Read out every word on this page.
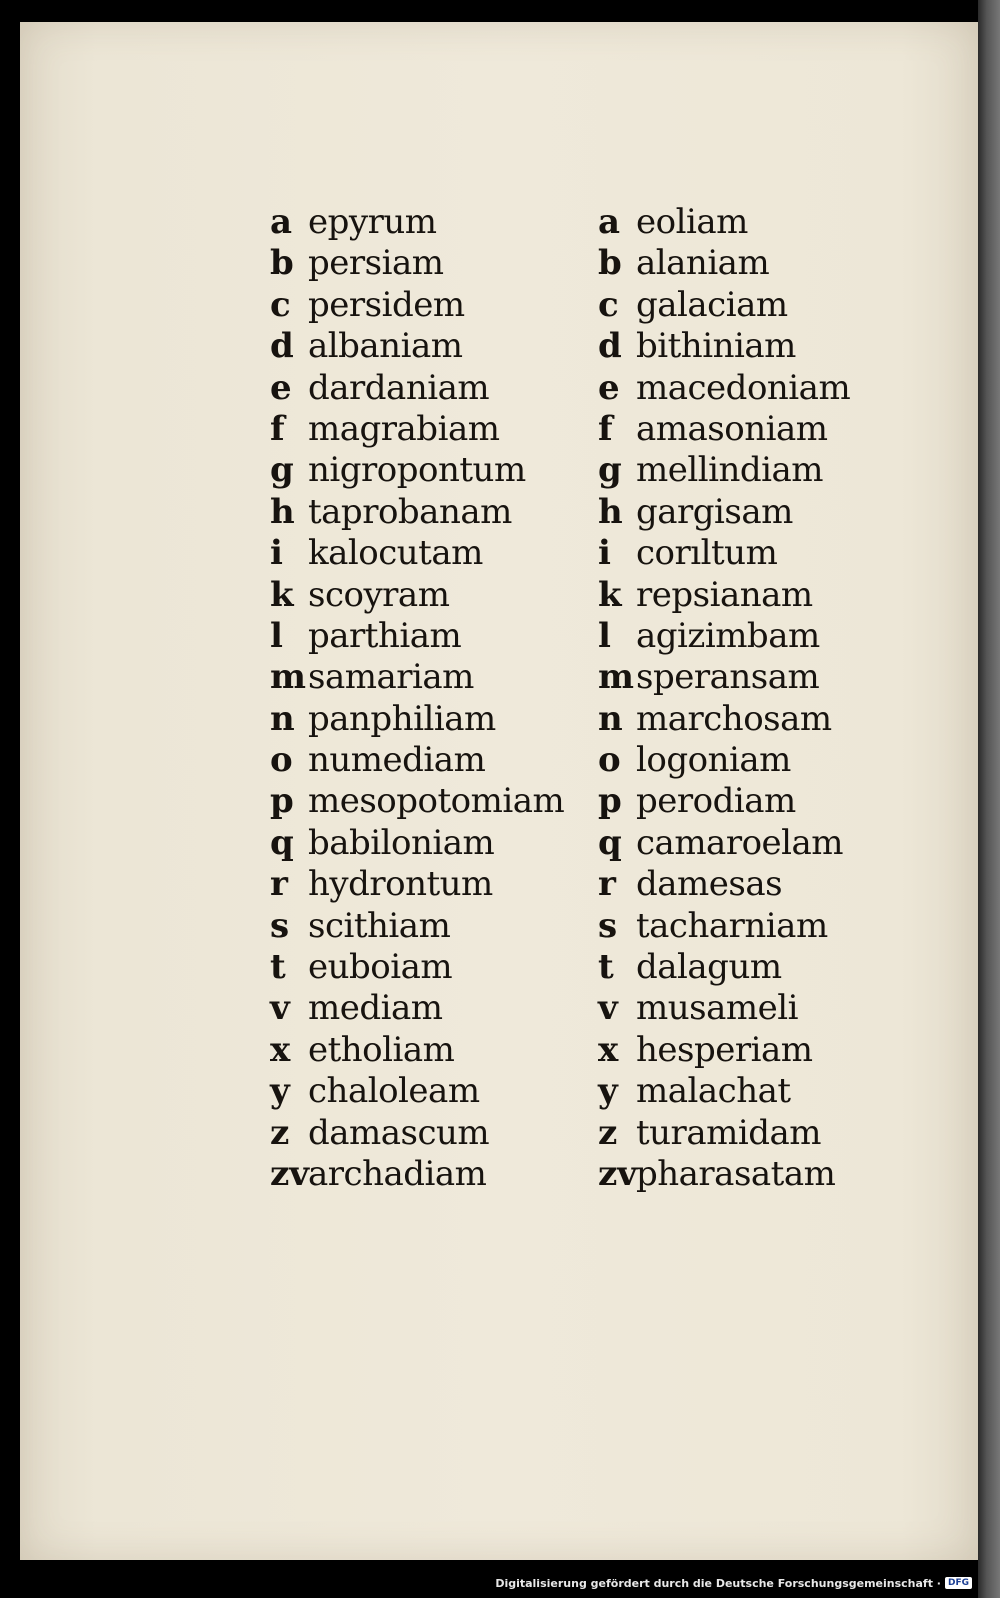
a epyrum
b persiam
c persidem
d albaniam
e dardaniam
f magrabiam
g nigropontum
h taprobanam
i kalocutam
k scoyram
l parthiam
m samariam
n panphiliam
o numediam
p mesopotomiam
q babiloniam
r hydrontum
s scithiam
t euboiam
v mediam
x etholiam
y chaloleam
z damascum
zv
archadiam
a eoliam
b alaniam
c galaciam
d bithiniam
e macedoniam
f amasoniam
g mellindiam
h gargisam
i corıltum
k repsianam
l agizimbam
m speransam
n marchosam
o logoniam
p perodiam
q camaroelam
r damesas
s tacharniam
t dalagum
v musameli
x hesperiam
y malachat
z turamidam
zv
pharasatam
Digitalisierung gefördert durch die Deutsche Forschungsgemeinschaft · DFG
